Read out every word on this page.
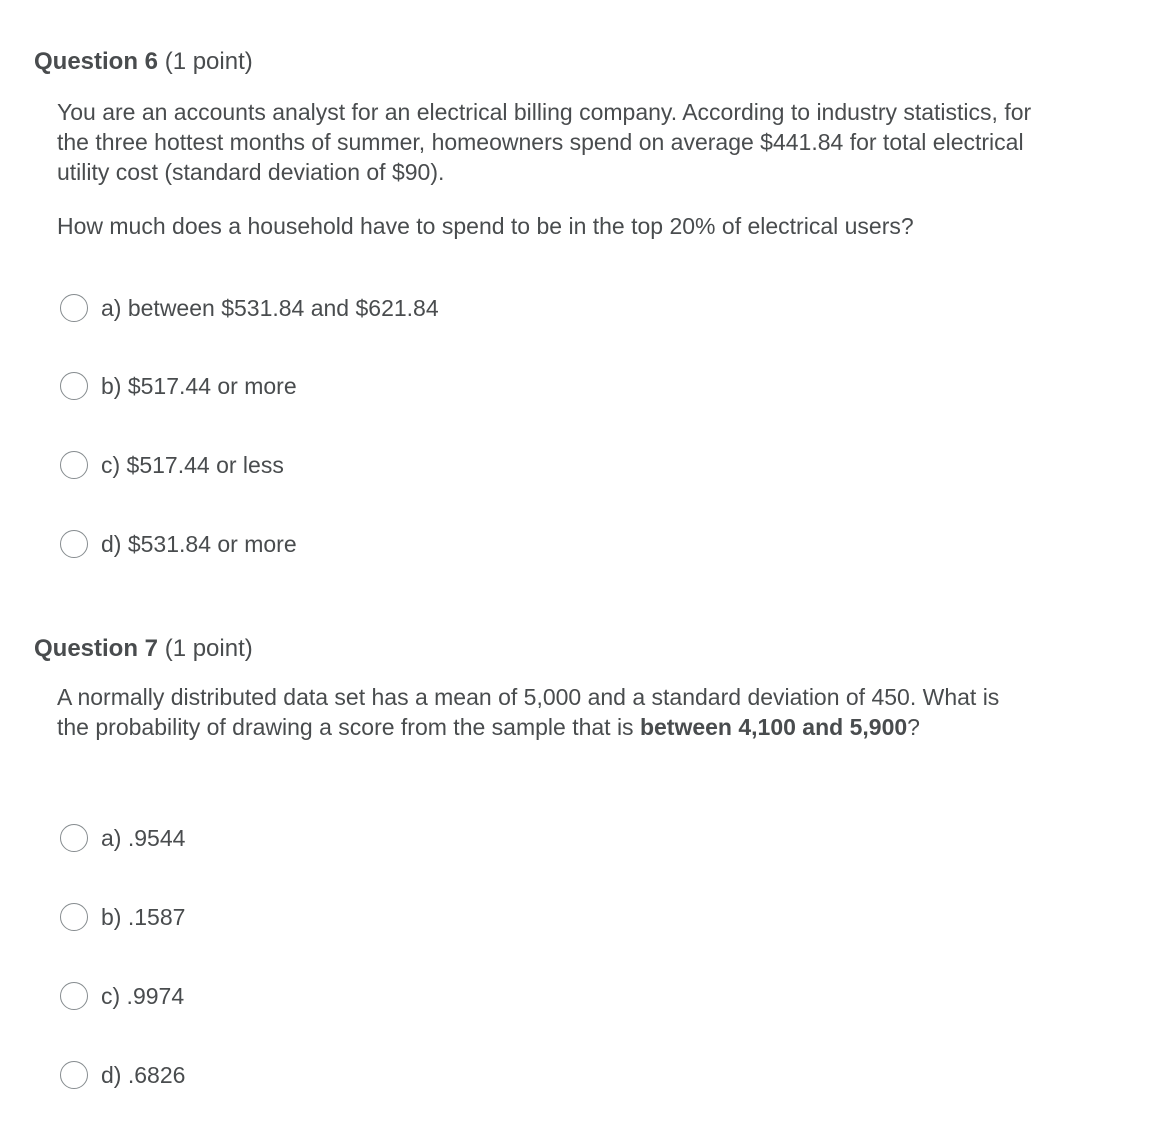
Question 6 (1 point)

You are an accounts analyst for an electrical billing company. According to industry statistics, for the three hottest months of summer, homeowners spend on average $441.84 for total electrical utility cost (standard deviation of $90).

How much does a household have to spend to be in the top 20% of electrical users?

a) between $531.84 and $621.84
b) $517.44 or more
c) $517.44 or less
d) $531.84 or more
Question 7 (1 point)

A normally distributed data set has a mean of 5,000 and a standard deviation of 450. What is the probability of drawing a score from the sample that is between 4,100 and 5,900?

a) .9544
b) .1587
c) .9974
d) .6826
